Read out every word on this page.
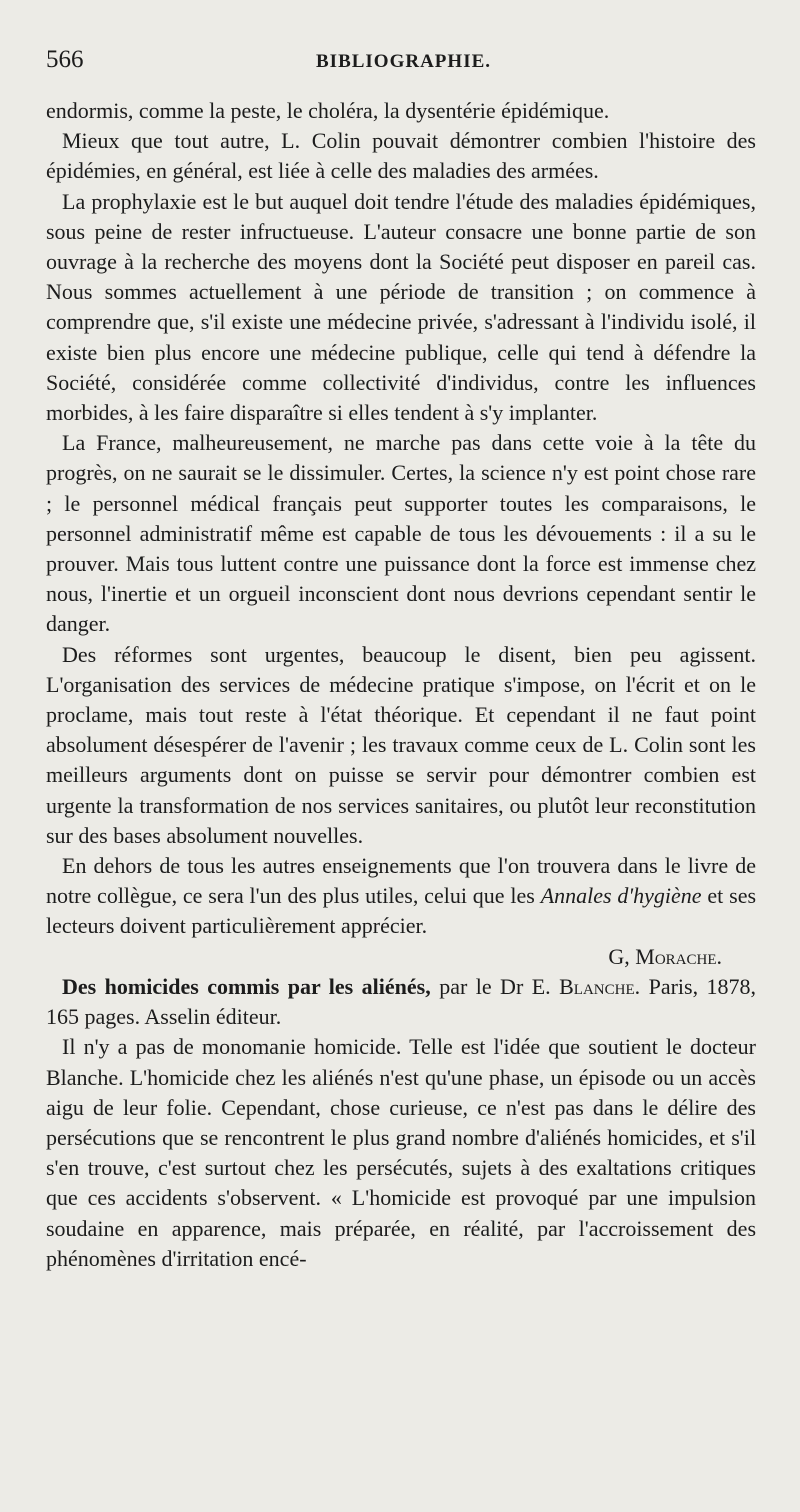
566	BIBLIOGRAPHIE.

endormis, comme la peste, le choléra, la dysentérie épidémique.

Mieux que tout autre, L. Colin pouvait démontrer combien l'histoire des épidémies, en général, est liée à celle des maladies des armées.

La prophylaxie est le but auquel doit tendre l'étude des maladies épidémiques, sous peine de rester infructueuse. L'auteur consacre une bonne partie de son ouvrage à la recherche des moyens dont la Société peut disposer en pareil cas. Nous sommes actuellement à une période de transition ; on commence à comprendre que, s'il existe une médecine privée, s'adressant à l'individu isolé, il existe bien plus encore une médecine publique, celle qui tend à défendre la Société, considérée comme collectivité d'individus, contre les influences morbides, à les faire disparaître si elles tendent à s'y implanter.

La France, malheureusement, ne marche pas dans cette voie à la tête du progrès, on ne saurait se le dissimuler. Certes, la science n'y est point chose rare ; le personnel médical français peut supporter toutes les comparaisons, le personnel administratif même est capable de tous les dévouements : il a su le prouver. Mais tous luttent contre une puissance dont la force est immense chez nous, l'inertie et un orgueil inconscient dont nous devrions cependant sentir le danger.

Des réformes sont urgentes, beaucoup le disent, bien peu agissent. L'organisation des services de médecine pratique s'impose, on l'écrit et on le proclame, mais tout reste à l'état théorique. Et cependant il ne faut point absolument désespérer de l'avenir ; les travaux comme ceux de L. Colin sont les meilleurs arguments dont on puisse se servir pour démontrer combien est urgente la transformation de nos services sanitaires, ou plutôt leur reconstitution sur des bases absolument nouvelles.

En dehors de tous les autres enseignements que l'on trouvera dans le livre de notre collègue, ce sera l'un des plus utiles, celui que les Annales d'hygiène et ses lecteurs doivent particulièrement apprécier.

G, Morache.

Des homicides commis par les aliénés, par le Dr E. Blanche. Paris, 1878, 165 pages. Asselin éditeur.

Il n'y a pas de monomanie homicide. Telle est l'idée que soutient le docteur Blanche. L'homicide chez les aliénés n'est qu'une phase, un épisode ou un accès aigu de leur folie. Cependant, chose curieuse, ce n'est pas dans le délire des persécutions que se rencontrent le plus grand nombre d'aliénés homicides, et s'il s'en trouve, c'est surtout chez les persécutés, sujets à des exaltations critiques que ces accidents s'observent. « L'homicide est provoqué par une impulsion soudaine en apparence, mais préparée, en réalité, par l'accroissement des phénomènes d'irritation encé-
